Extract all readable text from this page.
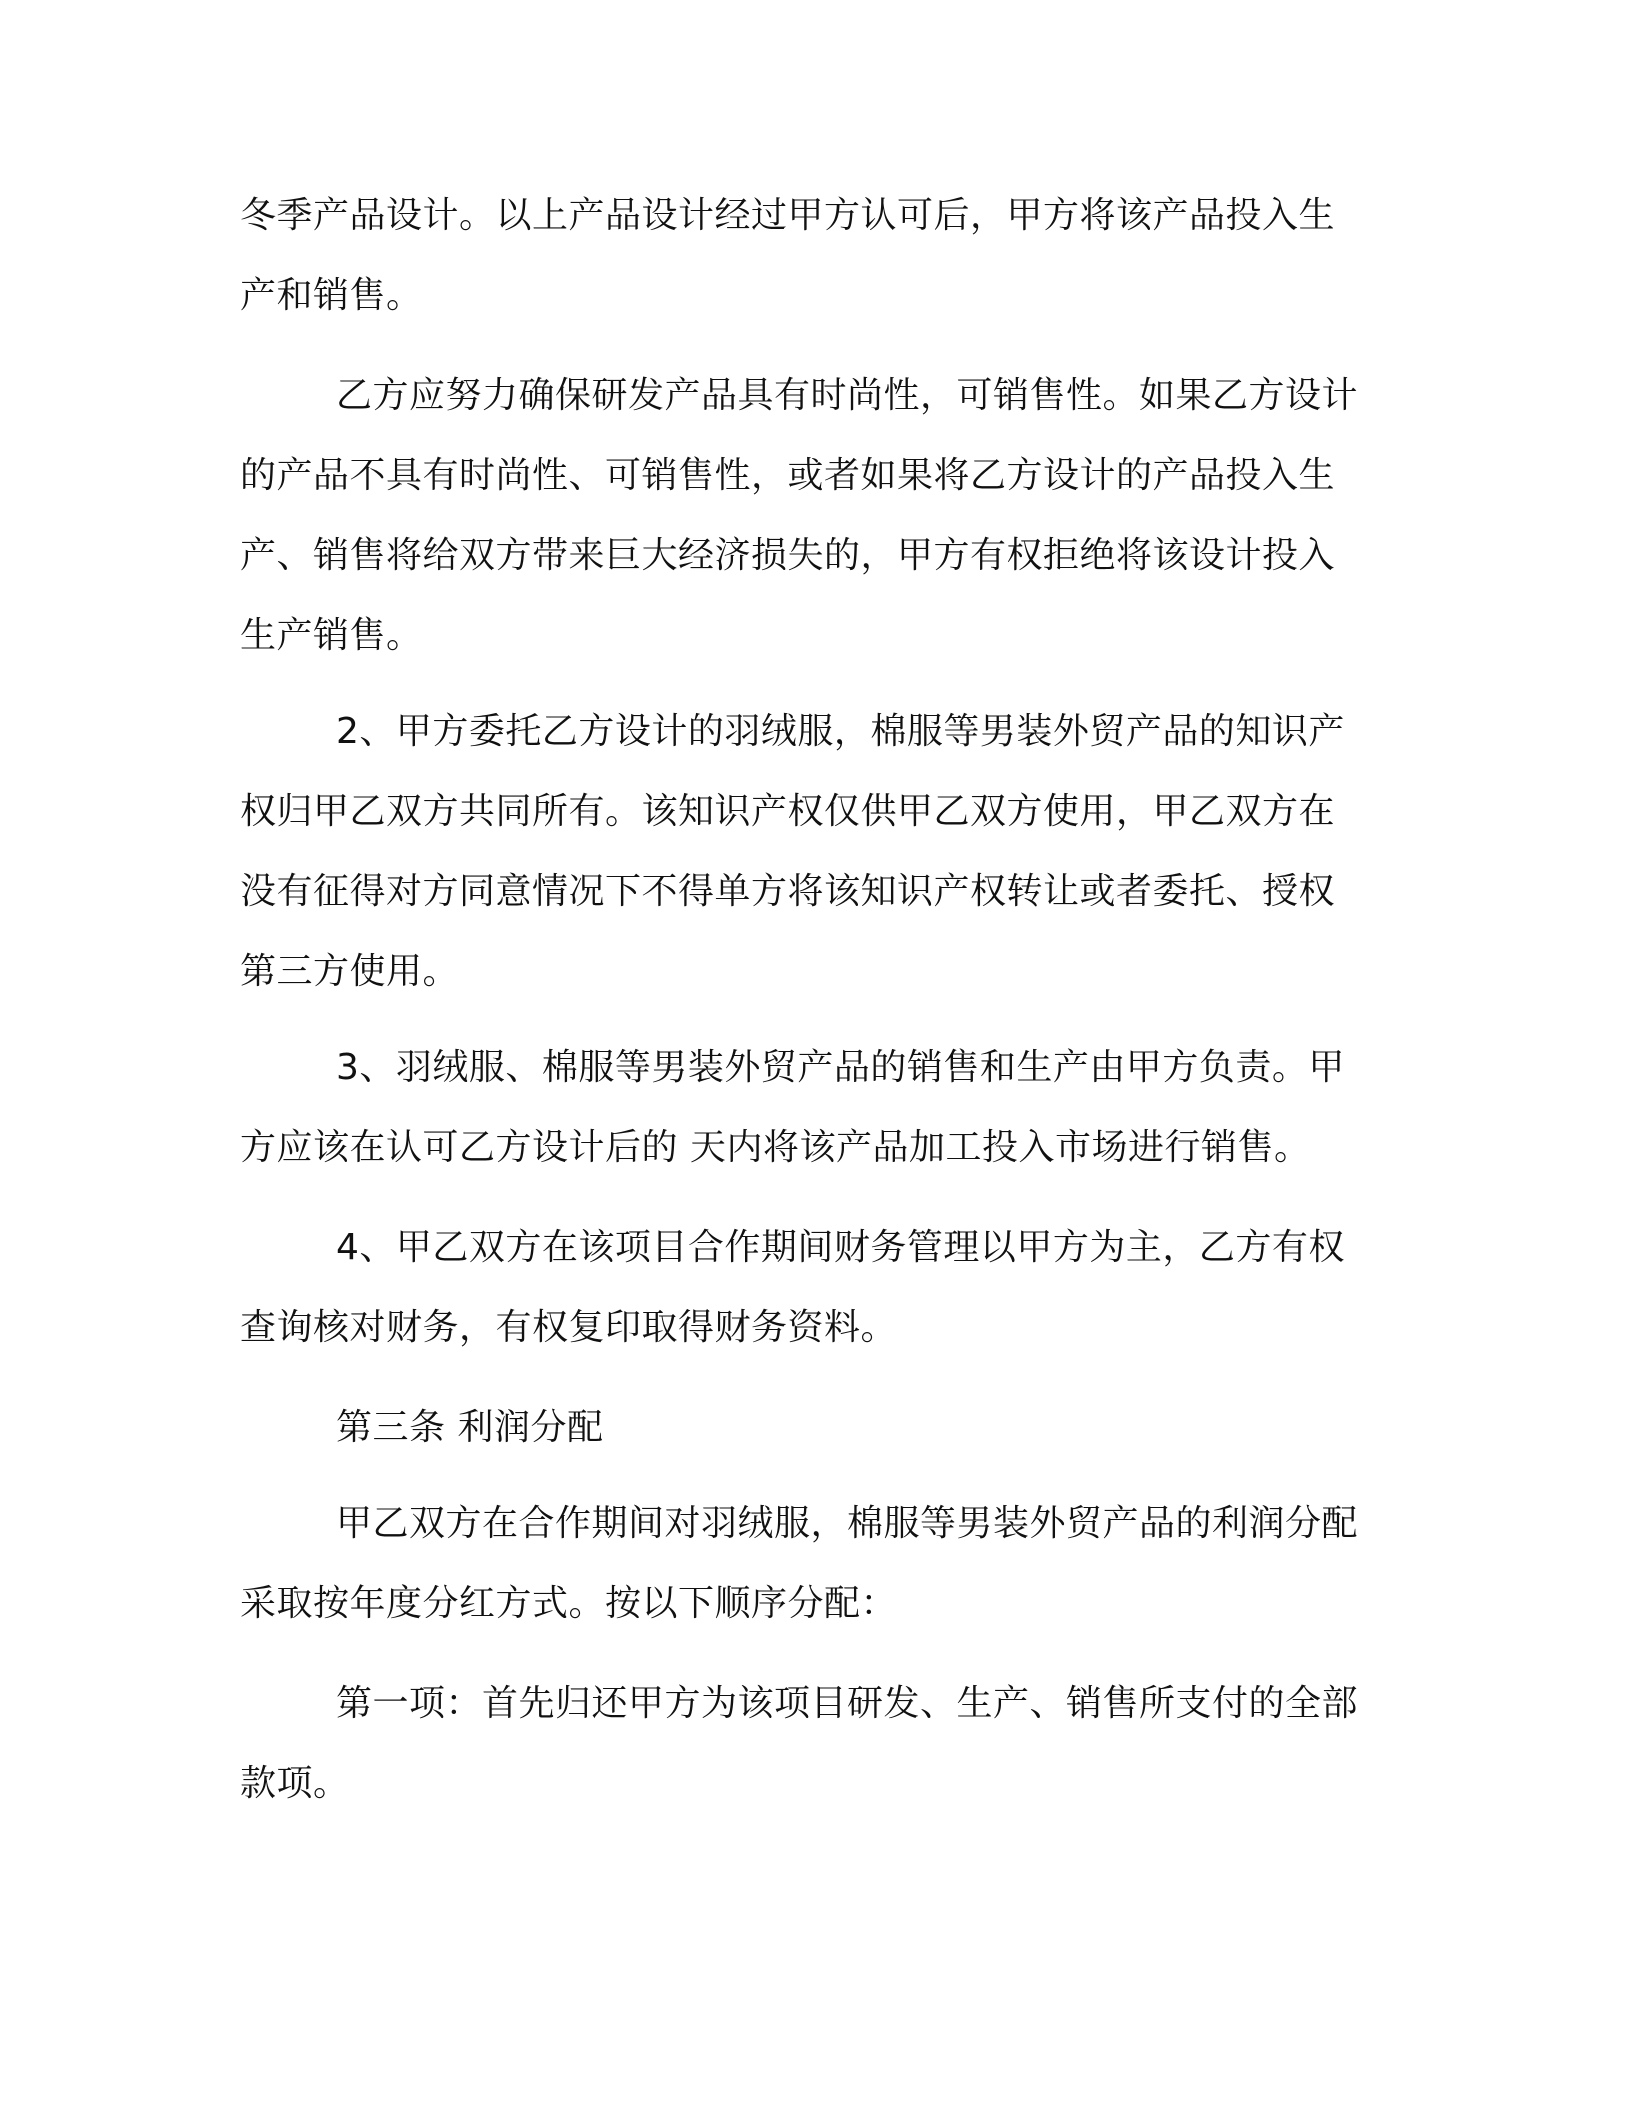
冬季产品设计。以上产品设计经过甲方认可后，甲方将该产品投入生
产和销售。

乙方应努力确保研发产品具有时尚性，可销售性。如果乙方设计
的产品不具有时尚性、可销售性，或者如果将乙方设计的产品投入生
产、销售将给双方带来巨大经济损失的，甲方有权拒绝将该设计投入
生产销售。

2、甲方委托乙方设计的羽绒服，棉服等男装外贸产品的知识产
权归甲乙双方共同所有。该知识产权仅供甲乙双方使用，甲乙双方在
没有征得对方同意情况下不得单方将该知识产权转让或者委托、授权
第三方使用。

3、羽绒服、棉服等男装外贸产品的销售和生产由甲方负责。甲
方应该在认可乙方设计后的 天内将该产品加工投入市场进行销售。

4、甲乙双方在该项目合作期间财务管理以甲方为主，乙方有权
查询核对财务，有权复印取得财务资料。

第三条 利润分配

甲乙双方在合作期间对羽绒服，棉服等男装外贸产品的利润分配
采取按年度分红方式。按以下顺序分配：

第一项：首先归还甲方为该项目研发、生产、销售所支付的全部
款项。
